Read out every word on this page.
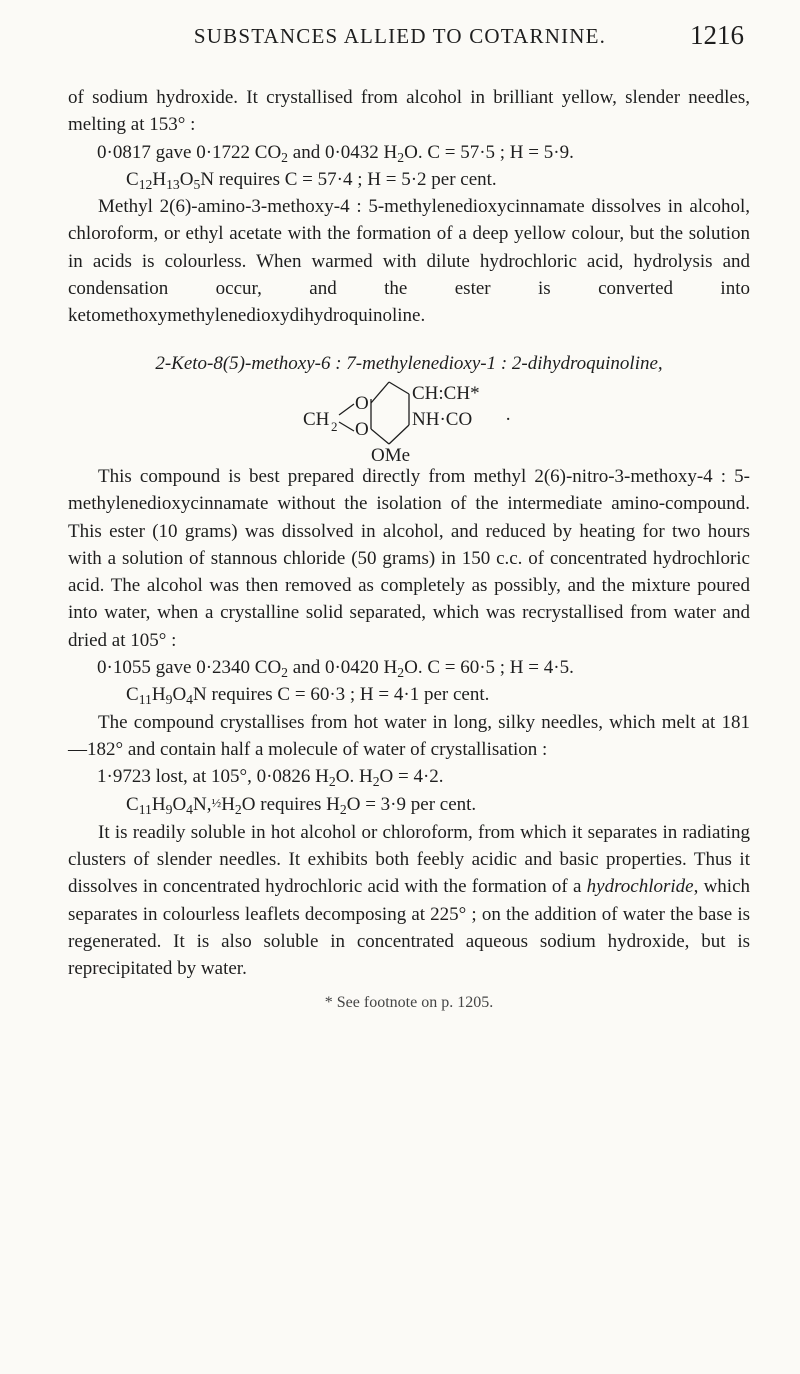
SUBSTANCES ALLIED TO COTARNINE.	1216

of sodium hydroxide. It crystallised from alcohol in brilliant yellow, slender needles, melting at 153° :

0·0817 gave 0·1722 $CO_2$ and 0·0432 $H_2O$. C = 57·5 ; H = 5·9.
$C_{12}H_{13}O_5N$ requires C = 57·4 ; H = 5·2 per cent.

Methyl 2(6)-amino-3-methoxy-4 : 5-methylenedioxycinnamate dissolves in alcohol, chloroform, or ethyl acetate with the formation of a deep yellow colour, but the solution in acids is colourless. When warmed with dilute hydrochloric acid, hydrolysis and condensation occur, and the ester is converted into ketomethoxymethylenedioxydihydroquinoline.

2-Keto-8(5)-methoxy-6 : 7-methylenedioxy-1 : 2-dihydroquinoline,
CH 2
O
O
CH:CH*
NH·CO ·
OMe

This compound is best prepared directly from methyl 2(6)-nitro-3-methoxy-4 : 5-methylenedioxycinnamate without the isolation of the intermediate amino-compound. This ester (10 grams) was dissolved in alcohol, and reduced by heating for two hours with a solution of stannous chloride (50 grams) in 150 c.c. of concentrated hydrochloric acid. The alcohol was then removed as completely as possibly, and the mixture poured into water, when a crystalline solid separated, which was recrystallised from water and dried at 105° :

0·1055 gave 0·2340 $CO_2$ and 0·0420 $H_2O$. C = 60·5 ; H = 4·5.
$C_{11}H_9O_4N$ requires C = 60·3 ; H = 4·1 per cent.

The compound crystallises from hot water in long, silky needles, which melt at 181—182° and contain half a molecule of water of crystallisation :

1·9723 lost, at 105°, 0·0826 $H_2O$. $H_2O = 4\cdot 2$.
$C_{11}H_9O_4N,\frac{1}{2}H_2O$ requires $H_2O = 3\cdot 9$ per cent.

It is readily soluble in hot alcohol or chloroform, from which it separates in radiating clusters of slender needles. It exhibits both feebly acidic and basic properties. Thus it dissolves in concentrated hydrochloric acid with the formation of a hydrochloride, which separates in colourless leaflets decomposing at 225° ; on the addition of water the base is regenerated. It is also soluble in concentrated aqueous sodium hydroxide, but is reprecipitated by water.

* See footnote on p. 1205.
